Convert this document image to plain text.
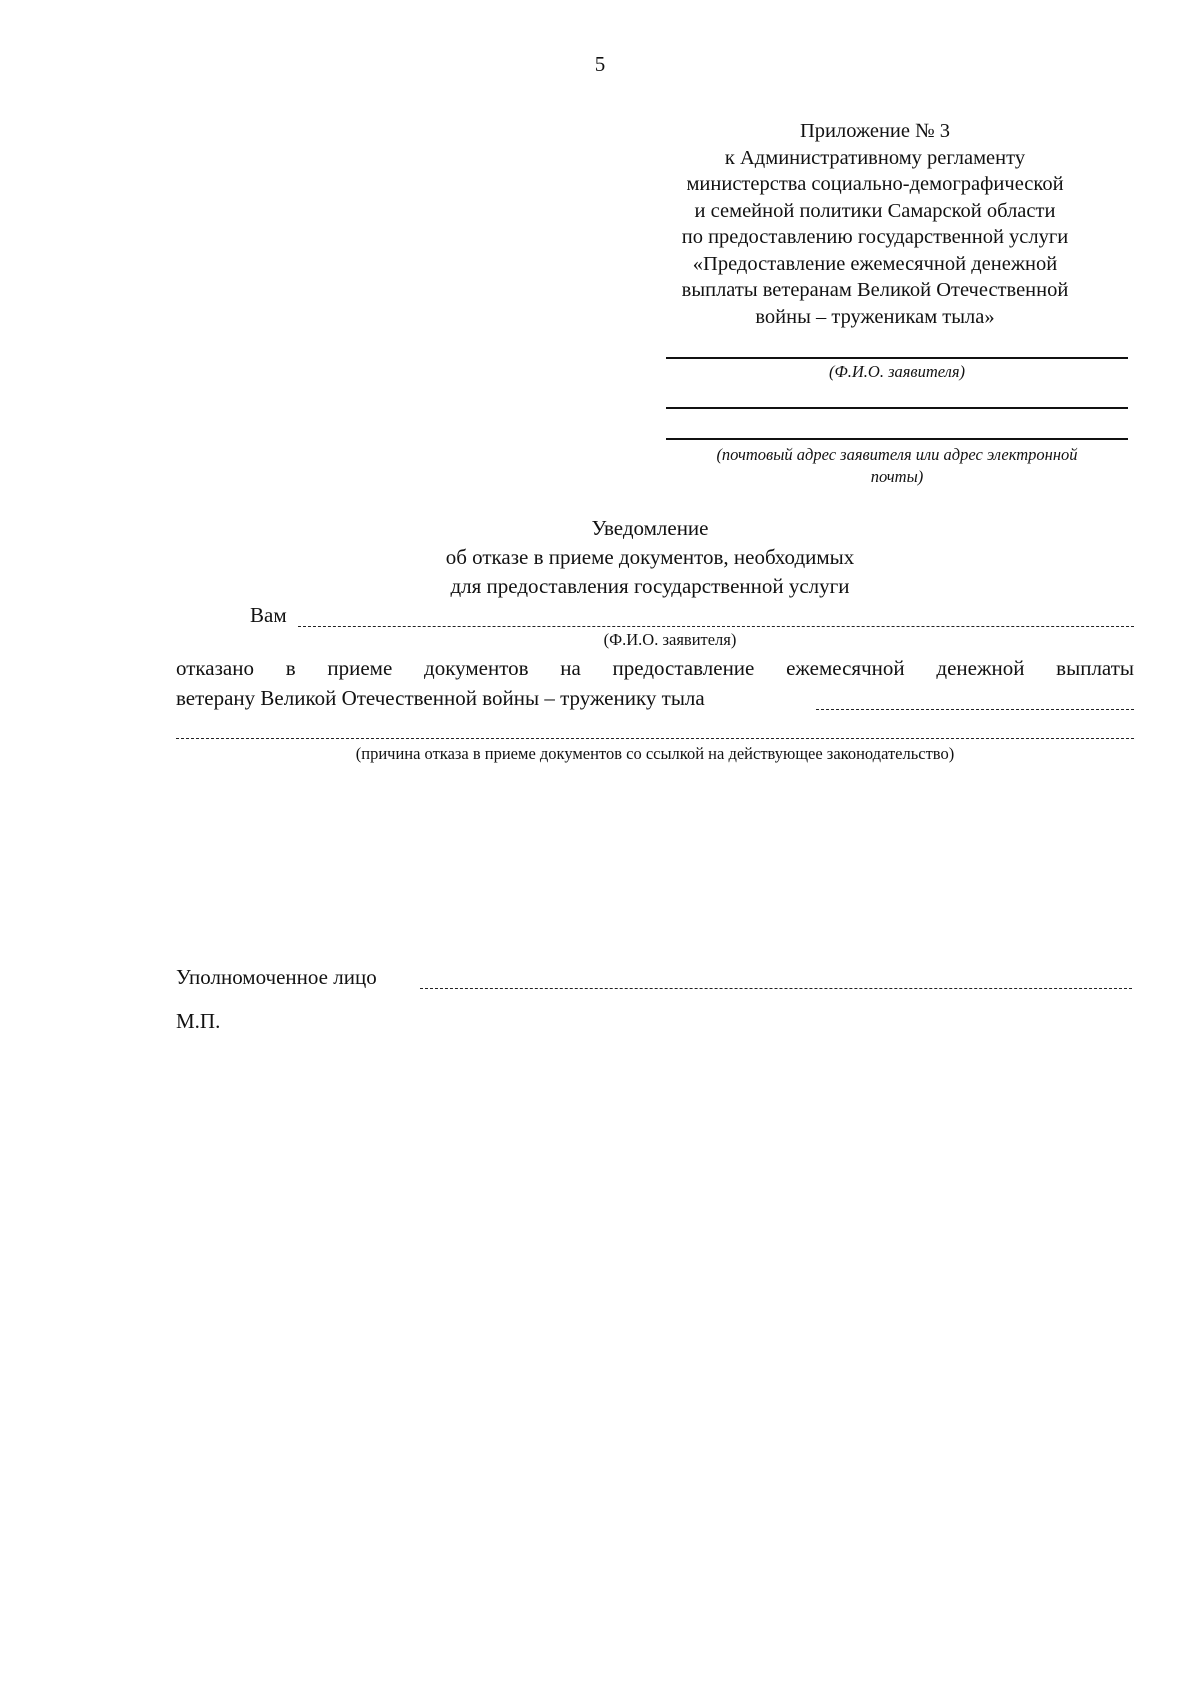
5
Приложение № 3
к Административному регламенту
министерства социально-демографической
и семейной политики Самарской области
по предоставлению государственной услуги
«Предоставление ежемесячной денежной
выплаты ветеранам Великой Отечественной
войны – труженикам тыла»
(Ф.И.О. заявителя)
(почтовый адрес заявителя или адрес электронной
почты)
Уведомление
об отказе в приеме документов, необходимых
для предоставления государственной услуги
Вам
(Ф.И.О. заявителя)
отказано в приеме документов на предоставление ежемесячной денежной выплаты
ветерану Великой Отечественной войны – труженику тыла
(причина отказа в приеме документов со ссылкой на действующее законодательство)
Уполномоченное лицо
М.П.
